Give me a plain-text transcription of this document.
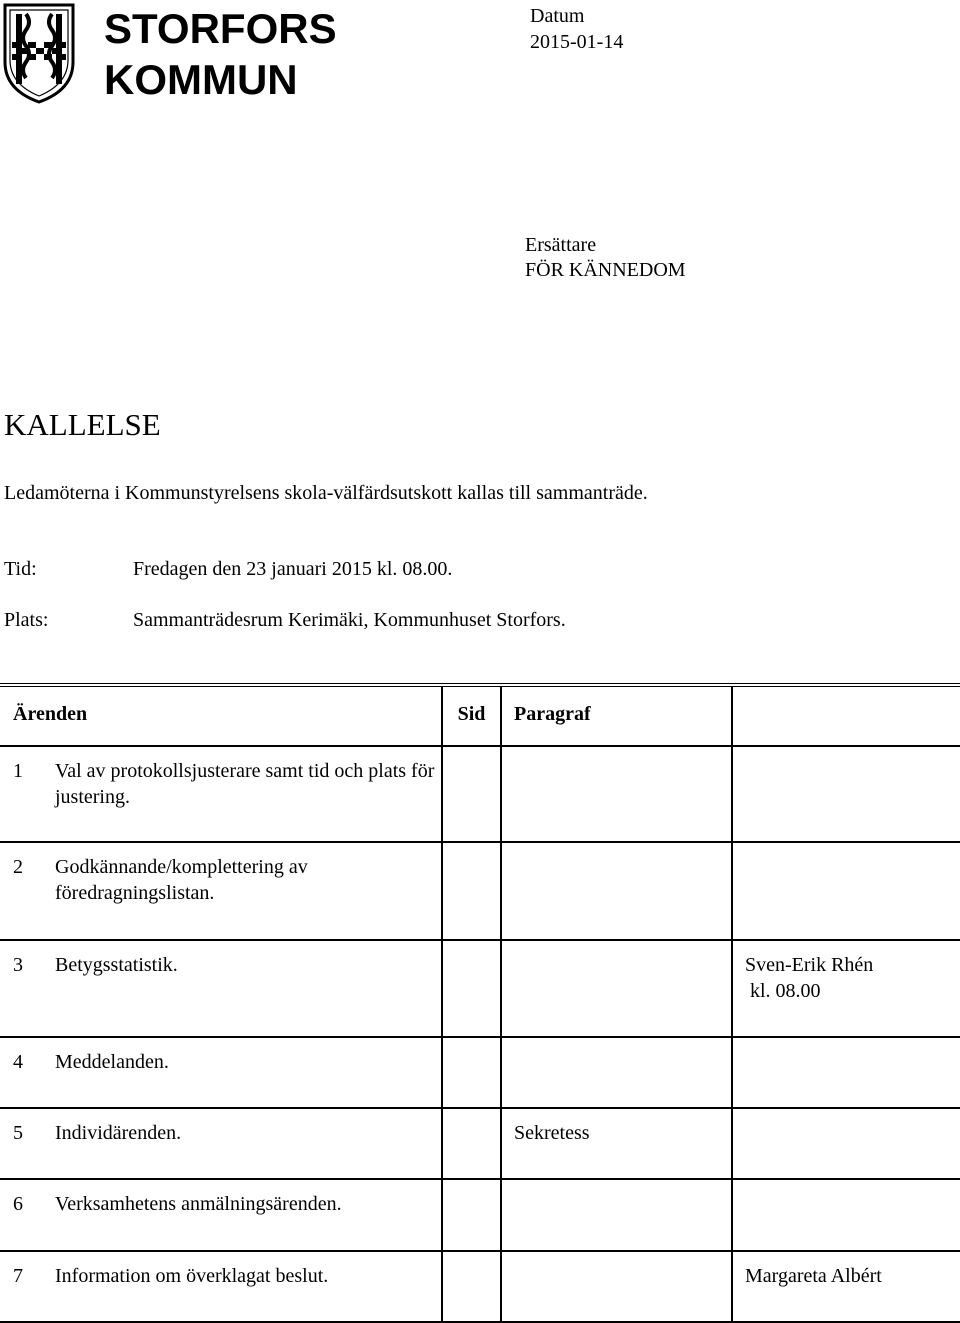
STORFORS
KOMMUN
Datum
2015-01-14
Ersättare
FÖR KÄNNEDOM
KALLELSE
Ledamöterna i Kommunstyrelsens skola-välfärdsutskott kallas till sammanträde.
Tid:	Fredagen den 23 januari 2015 kl. 08.00.
Plats:	Sammanträdesrum Kerimäki, Kommunhuset Storfors.
Ärenden		Sid	Paragraf	
1	Val av protokollsjusterare samt tid och plats för justering.			
2	Godkännande/komplettering av föredragningslistan.			
3	Betygsstatistik.			Sven-Erik Rhén
kl. 08.00
4	Meddelanden.			
5	Individärenden.		Sekretess	
6	Verksamhetens anmälningsärenden.			
7	Information om överklagat beslut.			Margareta Albért
